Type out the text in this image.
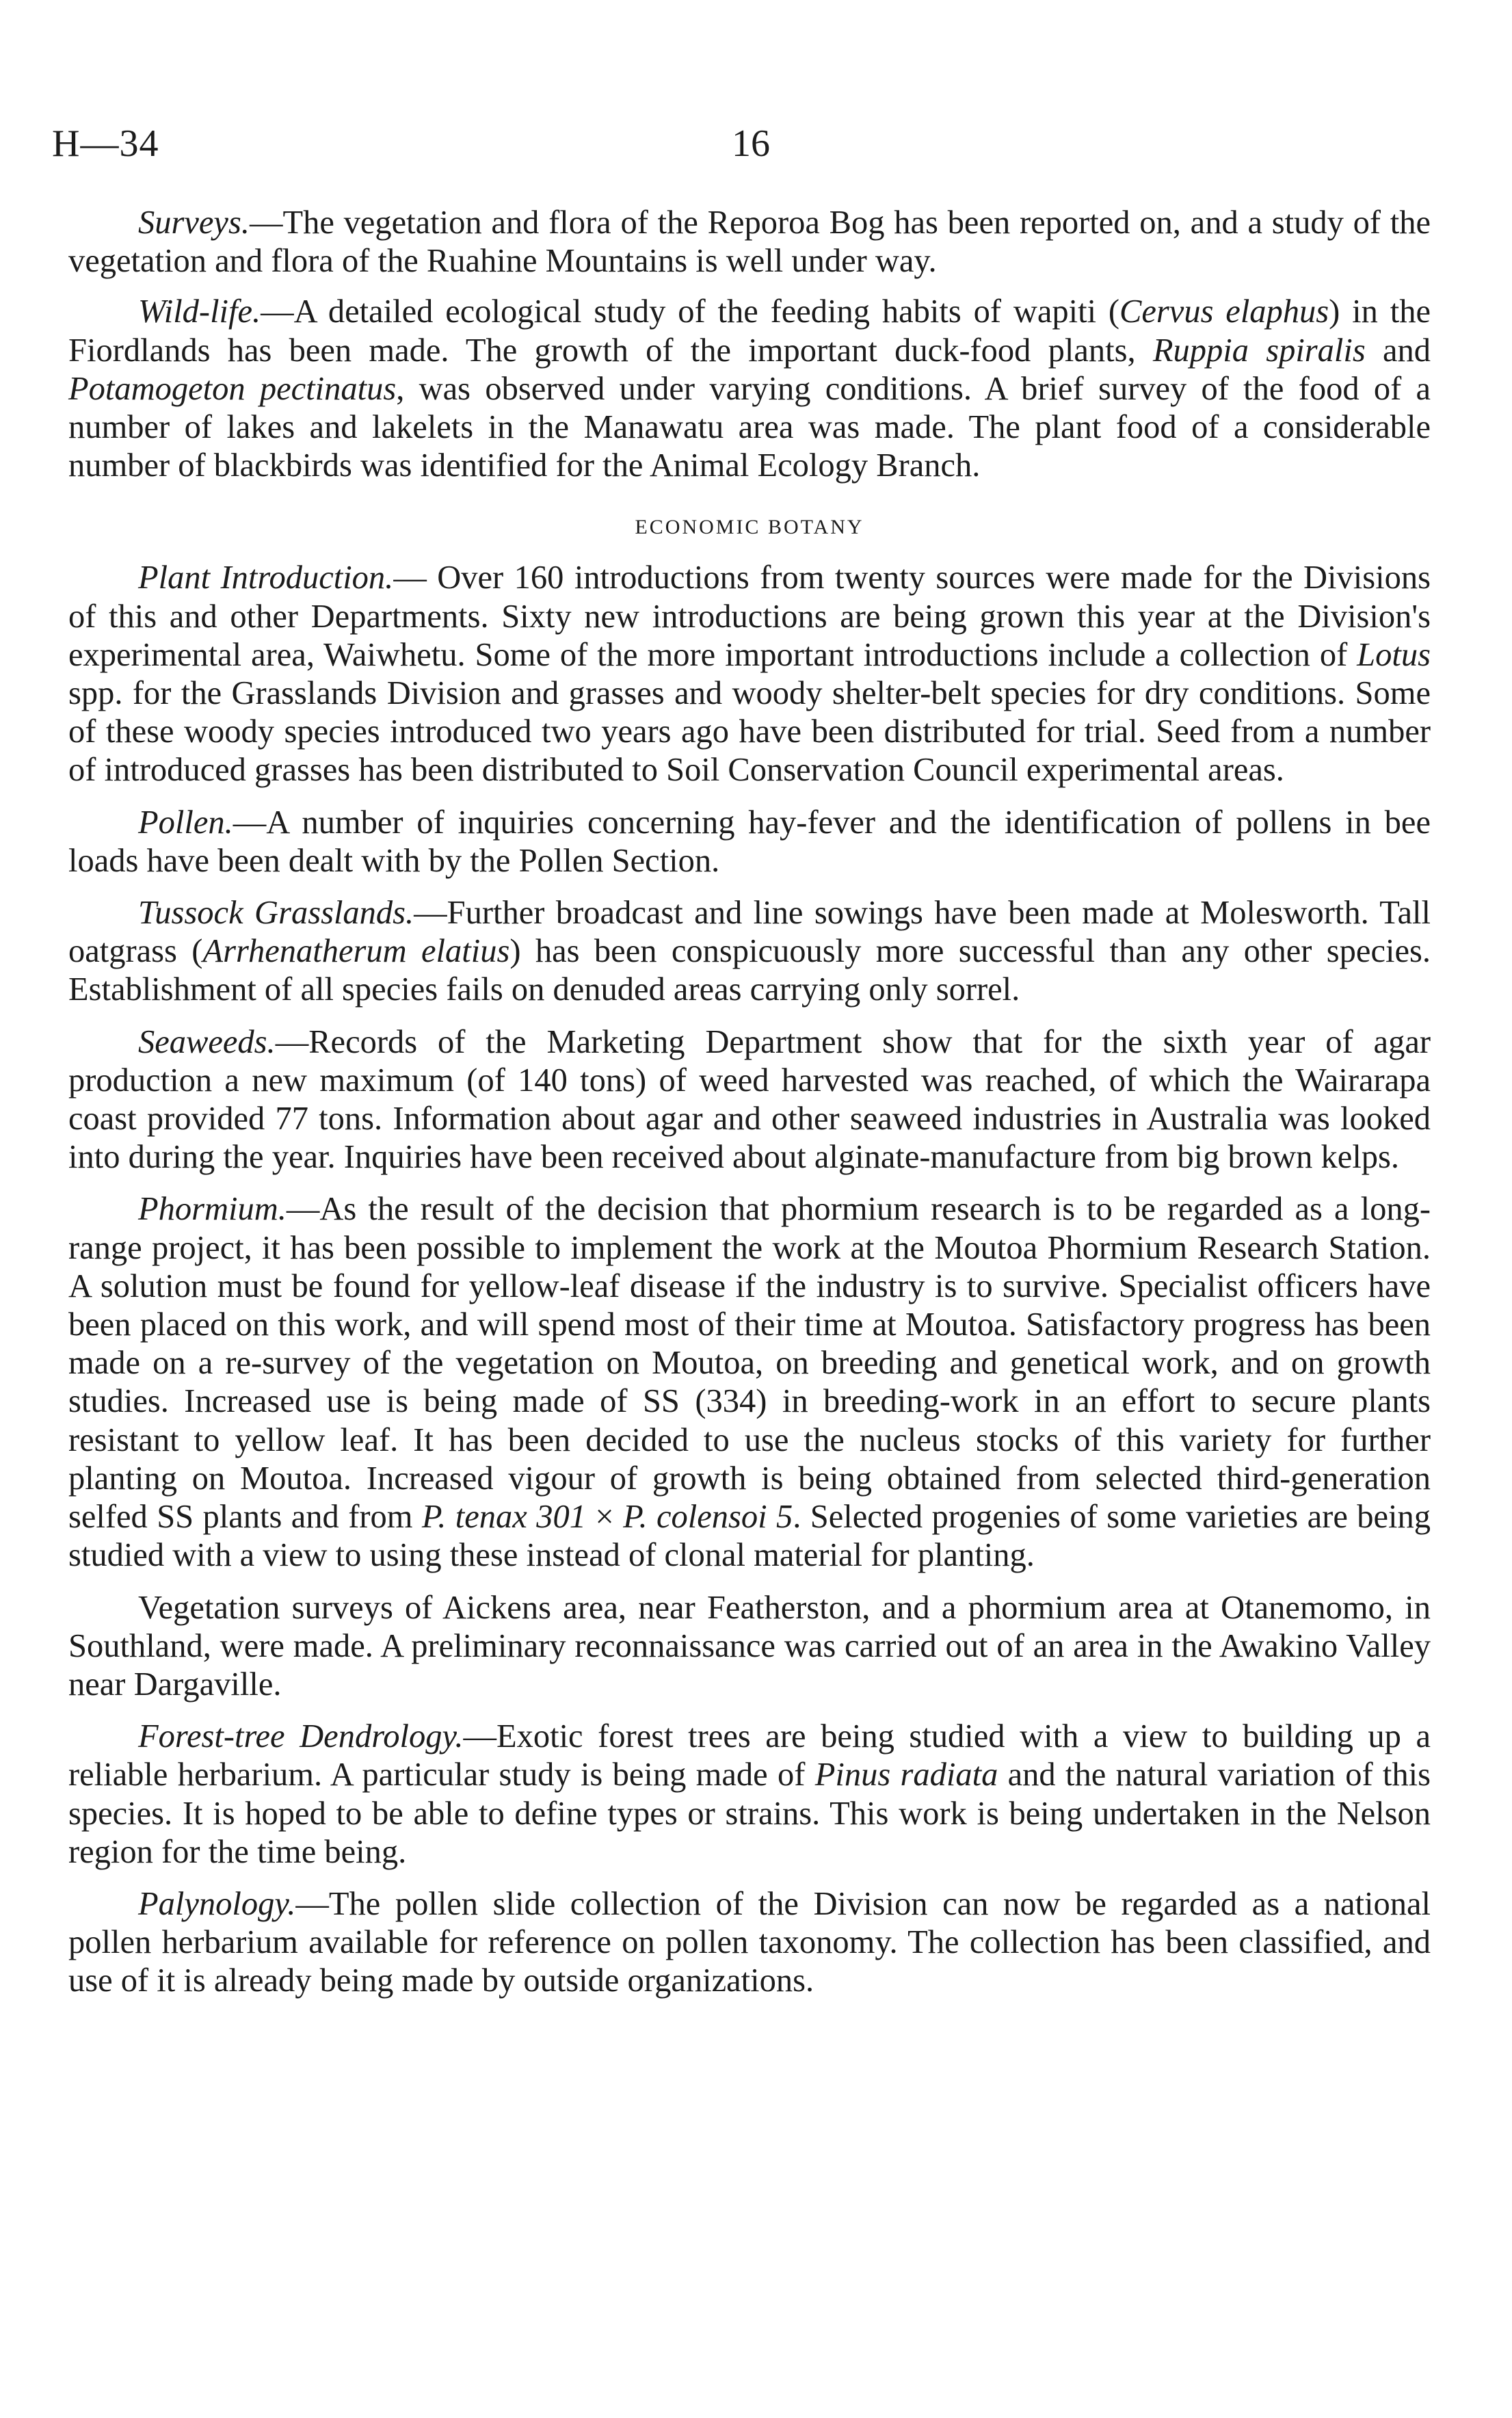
H—34	16

Surveys.—The vegetation and flora of the Reporoa Bog has been reported on, and a study of the vegetation and flora of the Ruahine Mountains is well under way.

Wild-life.—A detailed ecological study of the feeding habits of wapiti (Cervus elaphus) in the Fiordlands has been made. The growth of the important duck-food plants, Ruppia spiralis and Potamogeton pectinatus, was observed under varying conditions. A brief survey of the food of a number of lakes and lakelets in the Manawatu area was made. The plant food of a considerable number of blackbirds was identified for the Animal Ecology Branch.

ECONOMIC BOTANY

Plant Introduction.— Over 160 introductions from twenty sources were made for the Divisions of this and other Departments. Sixty new introductions are being grown this year at the Division's experimental area, Waiwhetu. Some of the more important introductions include a collection of Lotus spp. for the Grasslands Division and grasses and woody shelter-belt species for dry conditions. Some of these woody species introduced two years ago have been distributed for trial. Seed from a number of introduced grasses has been distributed to Soil Conservation Council experimental areas.

Pollen.—A number of inquiries concerning hay-fever and the identification of pollens in bee loads have been dealt with by the Pollen Section.

Tussock Grasslands.—Further broadcast and line sowings have been made at Molesworth. Tall oatgrass (Arrhenatherum elatius) has been conspicuously more successful than any other species. Establishment of all species fails on denuded areas carrying only sorrel.

Seaweeds.—Records of the Marketing Department show that for the sixth year of agar production a new maximum (of 140 tons) of weed harvested was reached, of which the Wairarapa coast provided 77 tons. Information about agar and other seaweed industries in Australia was looked into during the year. Inquiries have been received about alginate-manufacture from big brown kelps.

Phormium.—As the result of the decision that phormium research is to be regarded as a long-range project, it has been possible to implement the work at the Moutoa Phormium Research Station. A solution must be found for yellow-leaf disease if the industry is to survive. Specialist officers have been placed on this work, and will spend most of their time at Moutoa. Satisfactory progress has been made on a re-survey of the vegetation on Moutoa, on breeding and genetical work, and on growth studies. Increased use is being made of SS (334) in breeding-work in an effort to secure plants resistant to yellow leaf. It has been decided to use the nucleus stocks of this variety for further planting on Moutoa. Increased vigour of growth is being obtained from selected third-generation selfed SS plants and from P. tenax 301 × P. colensoi 5. Selected progenies of some varieties are being studied with a view to using these instead of clonal material for planting.

Vegetation surveys of Aickens area, near Featherston, and a phormium area at Otanemomo, in Southland, were made. A preliminary reconnaissance was carried out of an area in the Awakino Valley near Dargaville.

Forest-tree Dendrology.—Exotic forest trees are being studied with a view to building up a reliable herbarium. A particular study is being made of Pinus radiata and the natural variation of this species. It is hoped to be able to define types or strains. This work is being undertaken in the Nelson region for the time being.

Palynology.—The pollen slide collection of the Division can now be regarded as a national pollen herbarium available for reference on pollen taxonomy. The collection has been classified, and use of it is already being made by outside organizations.
